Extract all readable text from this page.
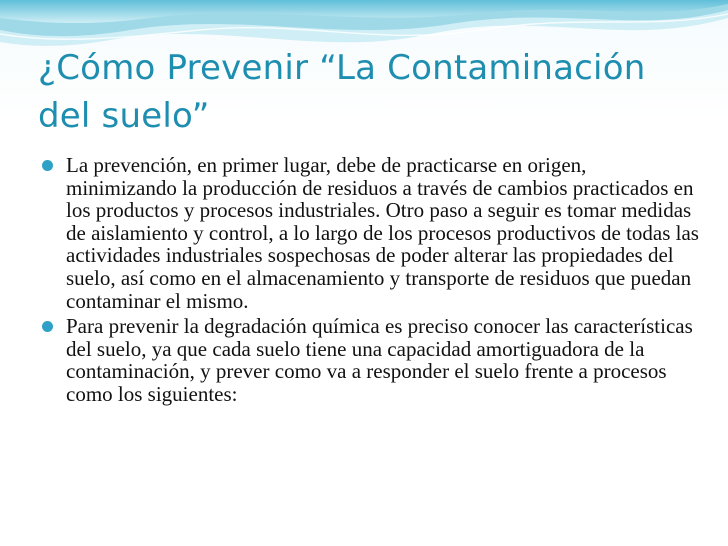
¿Cómo Prevenir “La Contaminación del suelo”
La prevención, en primer lugar, debe de practicarse en origen, minimizando la producción de residuos a través de cambios practicados en los productos y procesos industriales. Otro paso a seguir es tomar medidas de aislamiento y control, a lo largo de los procesos productivos de todas las actividades industriales sospechosas de poder alterar las propiedades del suelo, así como en el almacenamiento y transporte de residuos que puedan contaminar el mismo.
Para prevenir la degradación química es preciso conocer las características del suelo, ya que cada suelo tiene una capacidad amortiguadora de la contaminación, y prever como va a responder el suelo frente a procesos como los siguientes:
